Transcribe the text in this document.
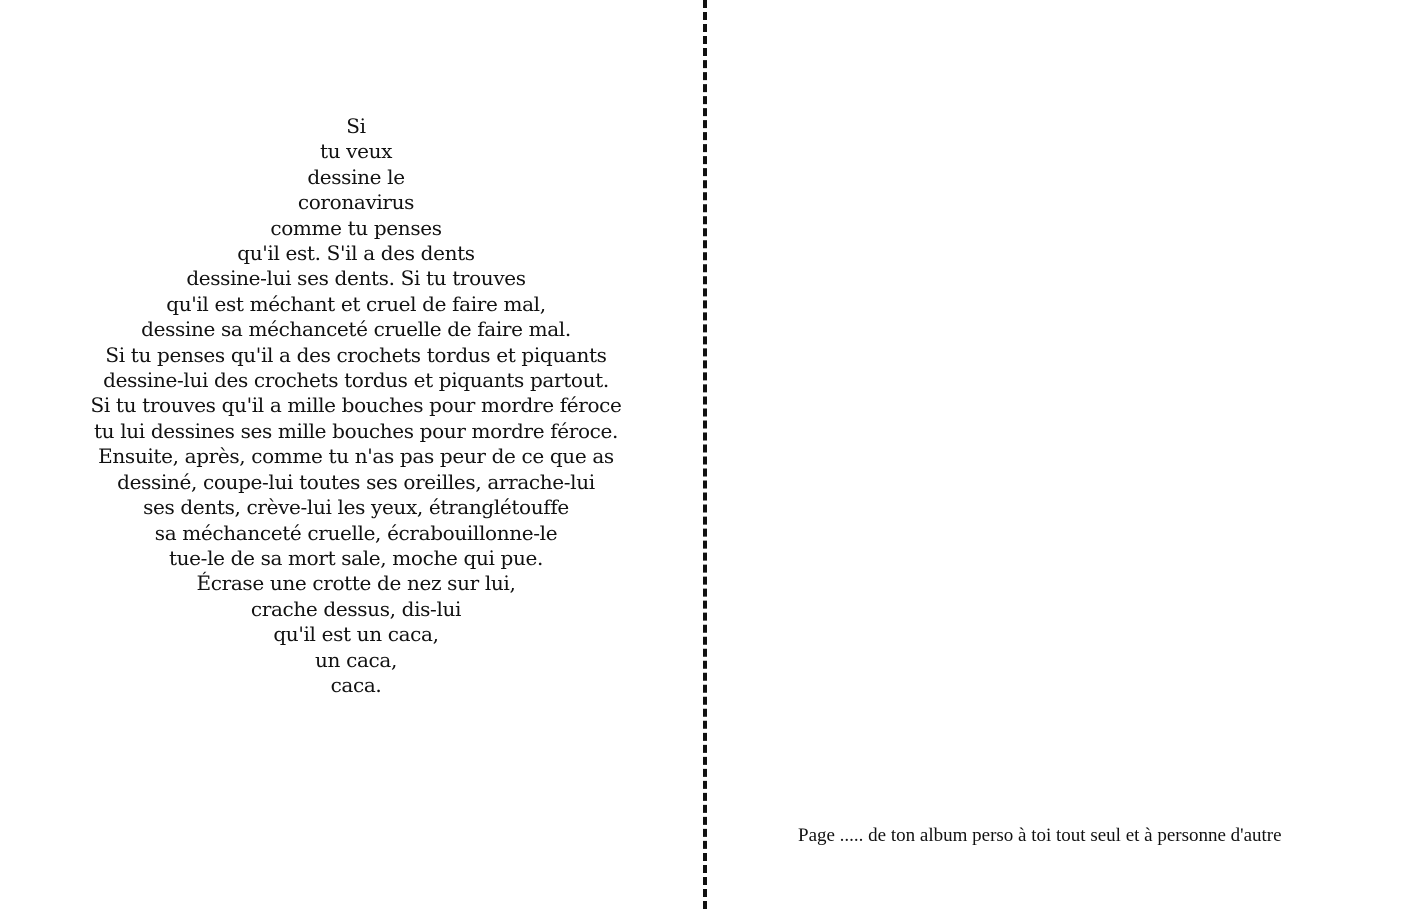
Si
tu veux
dessine le
coronavirus
comme tu penses
qu'il est. S'il a des dents
dessine-lui ses dents. Si tu trouves
qu'il est méchant et cruel de faire mal,
dessine sa méchanceté cruelle de faire mal.
Si tu penses qu'il a des crochets tordus et piquants
dessine-lui des crochets tordus et piquants partout.
Si tu trouves qu'il a mille bouches pour mordre féroce
tu lui dessines ses mille bouches pour mordre féroce.
Ensuite, après, comme tu n'as pas peur de ce que as
dessiné, coupe-lui toutes ses oreilles, arrache-lui
ses dents, crève-lui les yeux, étranglétouffe
sa méchanceté cruelle, écrabouillonne-le
tue-le de sa mort sale, moche qui pue.
Écrase une crotte de nez sur lui,
crache dessus, dis-lui
qu'il est un caca,
un caca,
caca.
Page ..... de ton album perso à toi tout seul et à personne d'autre
